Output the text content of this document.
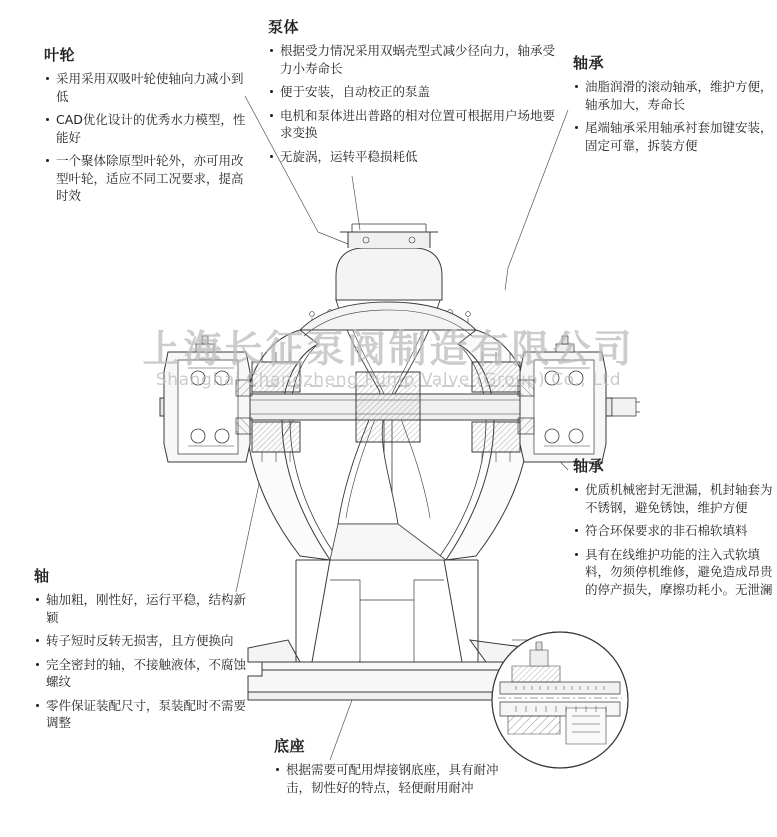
上海长征泵阀制造有限公司
Shanghai Changzheng Pump Valve (Group) Co., Ltd
叶轮
采用采用双吸叶轮使轴向力减小到低
CAD优化设计的优秀水力模型，性能好
一个聚体除原型叶轮外，亦可用改型叶轮，适应不同工况要求，提高时效
泵体
根据受力情况采用双蜗壳型式减少径向力，轴承受力小寿命长
便于安装，自动校正的泵盖
电机和泵体进出普路的相对位置可根据用户场地要求变换
无旋涡，运转平稳损耗低
轴承
油脂润滑的滚动轴承，维护方便，轴承加大，寿命长
尾端轴承采用轴承衬套加键安装，固定可靠，拆装方便
轴承
优质机械密封无泄漏，机封轴套为不锈钢，避免锈蚀，维护方便
符合环保要求的非石棉软填料
具有在线维护功能的注入式软填料，勿须停机维修，避免造成昂贵的停产损失，摩擦功耗小。无泄澜
轴
轴加粗，刚性好，运行平稳，结构新颖
转子短时反转无损害，且方便换向
完全密封的轴，不接触液体，不腐蚀螺纹
零件保证装配尺寸，泵装配时不需要调整
底座
根据需要可配用焊接钢底座，具有耐冲击，韧性好的特点，轻便耐用耐冲
